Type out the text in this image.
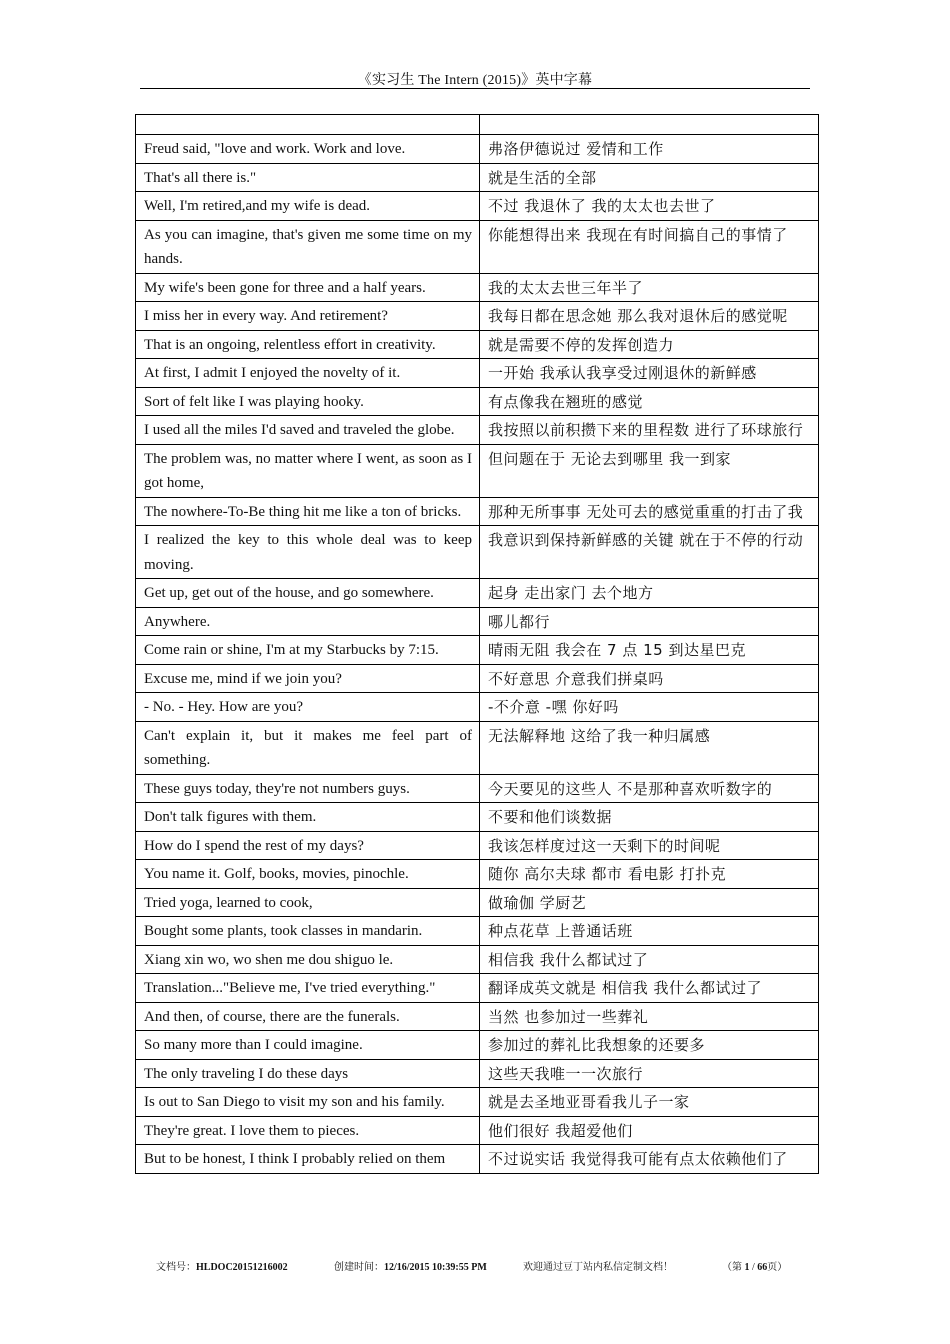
《实习生 The Intern (2015)》英中字幕

Freud said, "love and work. Work and love.	弗洛伊德说过 爱情和工作
That's all there is."	就是生活的全部
Well, I'm retired,and my wife is dead.	不过 我退休了 我的太太也去世了
As you can imagine, that's given me some time on my hands.	你能想得出来 我现在有时间搞自己的事情了
My wife's been gone for three and a half years.	我的太太去世三年半了
I miss her in every way. And retirement?	我每日都在思念她 那么我对退休后的感觉呢
That is an ongoing, relentless effort in creativity.	就是需要不停的发挥创造力
At first, I admit I enjoyed the novelty of it.	一开始 我承认我享受过刚退休的新鲜感
Sort of felt like I was playing hooky.	有点像我在翘班的感觉
I used all the miles I'd saved and traveled the globe.	我按照以前积攒下来的里程数 进行了环球旅行
The problem was, no matter where I went, as soon as I got home,	但问题在于 无论去到哪里 我一到家
The nowhere-To-Be thing hit me like a ton of bricks.	那种无所事事 无处可去的感觉重重的打击了我
I realized the key to this whole deal was to keep moving.	我意识到保持新鲜感的关键 就在于不停的行动
Get up, get out of the house, and go somewhere.	起身 走出家门 去个地方
Anywhere.	哪儿都行
Come rain or shine, I'm at my Starbucks by 7:15.	晴雨无阻 我会在 7 点 15 到达星巴克
Excuse me, mind if we join you?	不好意思 介意我们拼桌吗
- No. - Hey. How are you?	-不介意 -嘿 你好吗
Can't explain it, but it makes me feel part of something.	无法解释地 这给了我一种归属感
These guys today, they're not numbers guys.	今天要见的这些人 不是那种喜欢听数字的
Don't talk figures with them.	不要和他们谈数据
How do I spend the rest of my days?	我该怎样度过这一天剩下的时间呢
You name it. Golf, books, movies, pinochle.	随你 高尔夫球 都市 看电影 打扑克
Tried yoga, learned to cook,	做瑜伽 学厨艺
Bought some plants, took classes in mandarin.	种点花草 上普通话班
Xiang xin wo, wo shen me dou shiguo le.	相信我 我什么都试过了
Translation..."Believe me, I've tried everything."	翻译成英文就是 相信我 我什么都试过了
And then, of course, there are the funerals.	当然 也参加过一些葬礼
So many more than I could imagine.	参加过的葬礼比我想象的还要多
The only traveling I do these days	这些天我唯一一次旅行
Is out to San Diego to visit my son and his family.	就是去圣地亚哥看我儿子一家
They're great. I love them to pieces.	他们很好 我超爱他们
But to be honest, I think I probably relied on them	不过说实话 我觉得我可能有点太依赖他们了
文档号：HLDOC20151216002	创建时间：12/16/2015 10:39:55 PM	欢迎通过豆丁站内私信定制文档！	（第 1 / 66页）
